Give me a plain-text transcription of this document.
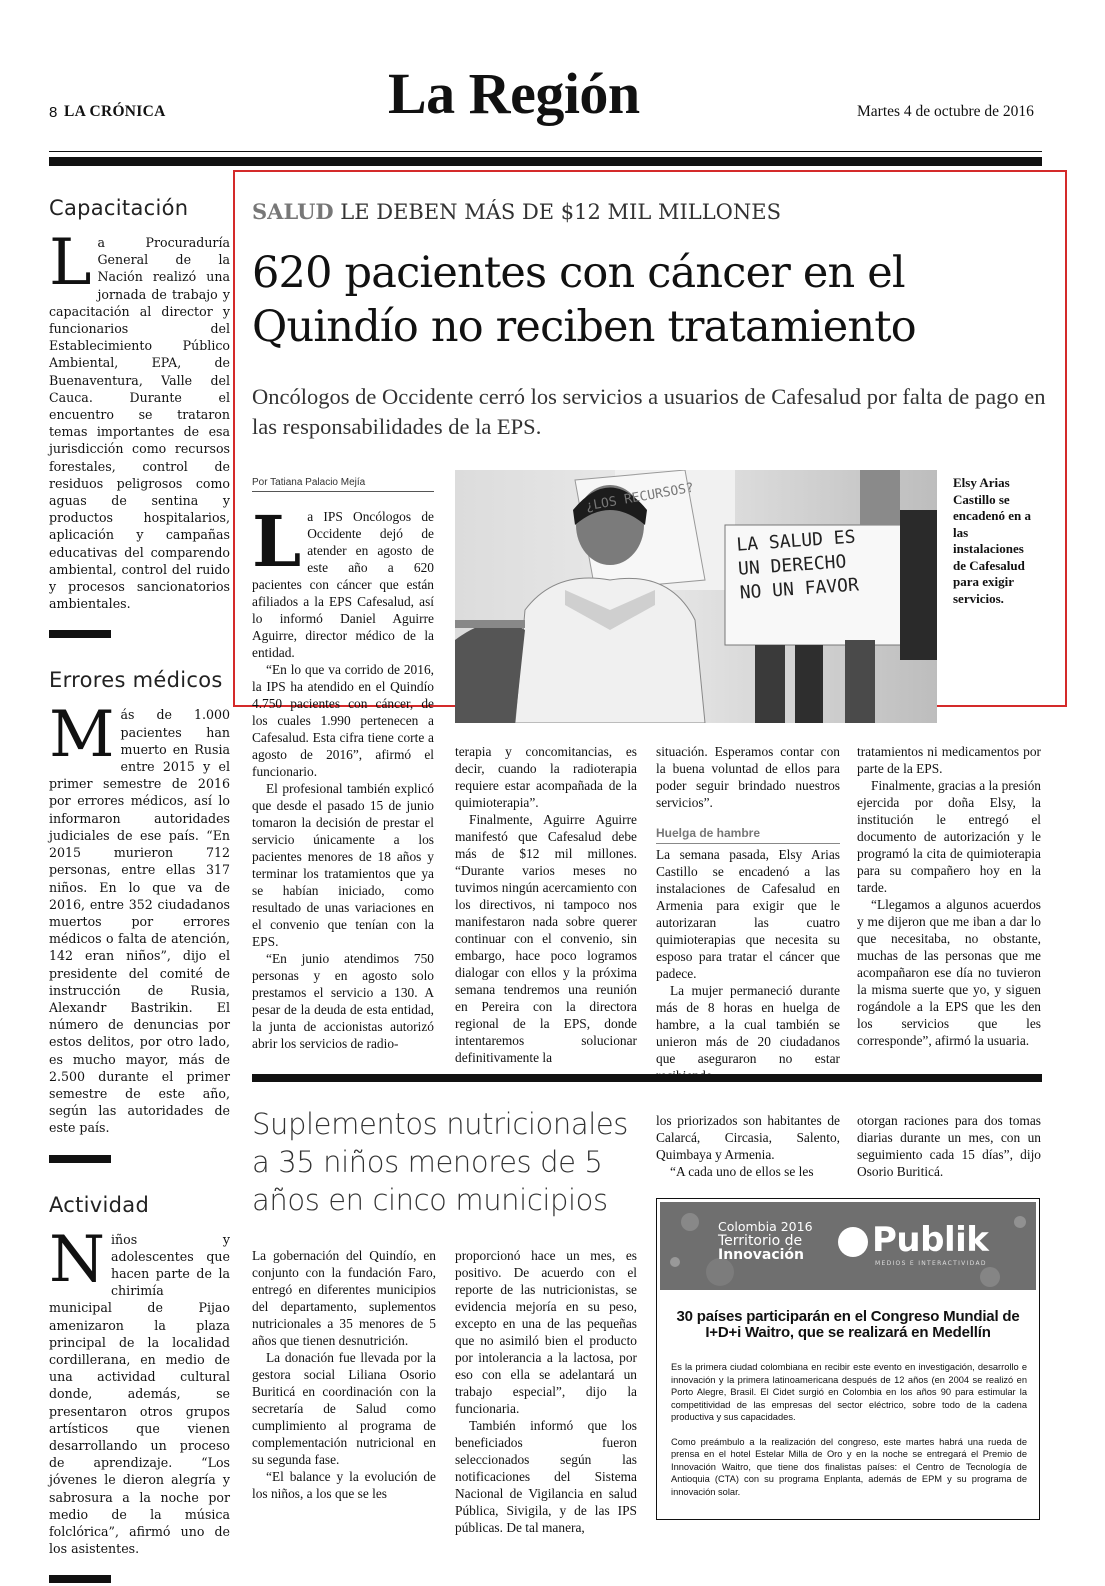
8 LA CRÓNICA	La Región	Martes 4 de octubre de 2016
Capacitación
L a Procuraduría General de la Nación realizó una jornada de trabajo y capacitación al director y funcionarios del Establecimiento Público Ambiental, EPA, de Buenaventura, Valle del Cauca. Durante el encuentro se trataron temas importantes de esa jurisdicción como recursos forestales, control de residuos peligrosos como aguas de sentina y productos hospitalarios, aplicación y campañas educativas del comparendo ambiental, control del ruido y procesos sancionatorios ambientales.
Errores médicos
M ás de 1.000 pacientes han muerto en Rusia entre 2015 y el primer semestre de 2016 por errores médicos, así lo informaron autoridades judiciales de ese país. “En 2015 murieron 712 personas, entre ellas 317 niños. En lo que va de 2016, entre 352 ciudadanos muertos por errores médicos o falta de atención, 142 eran niños”, dijo el presidente del comité de instrucción de Rusia, Alexandr Bastrikin. El número de denuncias por estos delitos, por otro lado, es mucho mayor, más de 2.500 durante el primer semestre de este año, según las autoridades de este país.
Actividad
N iños y adolescentes que hacen parte de la chirimía municipal de Pijao amenizaron la plaza principal de la localidad cordillerana, en medio de una actividad cultural donde, además, se presentaron otros grupos artísticos que vienen desarrollando un proceso de aprendizaje. “Los jóvenes le dieron alegría y sabrosura a la noche por medio de la música folclórica”, afirmó uno de los asistentes.
SALUD LE DEBEN MÁS DE $12 MIL MILLONES
620 pacientes con cáncer en el
Quindío no reciben tratamiento
Oncólogos de Occidente cerró los servicios a usuarios de Cafesalud por falta de pago en las responsabilidades de la EPS.
Por Tatiana Palacio Mejía
LA SALUD ES
UN DERECHO
NO UN FAVOR
¿LOS RECURSOS?	Elsy Arias Castillo se encadenó en a las instalaciones de Cafesalud para exigir servicios.

La IPS Oncólogos de Occidente dejó de atender en agosto de este año a 620 pacientes con cáncer que están afiliados a la EPS Cafesalud, así lo informó Daniel Aguirre Aguirre, director médico de la entidad.

“En lo que va corrido de 2016, la IPS ha atendido en el Quindío 4.750 pacientes con cáncer, de los cuales 1.990 pertenecen a Cafesalud. Esta cifra tiene corte a agosto de 2016”, afirmó el funcionario.

El profesional también explicó que desde el pasado 15 de junio tomaron la decisión de prestar el servicio únicamente a los pacientes menores de 18 años y terminar los tratamientos que ya se habían iniciado, como resultado de unas variaciones en el convenio que tenían con la EPS.

“En junio atendimos 750 personas y en agosto solo prestamos el servicio a 130. A pesar de la deuda de esta entidad, la junta de accionistas autorizó abrir los servicios de radio-

terapia y concomitancias, es decir, cuando la radioterapia requiere estar acompañada de la quimioterapia”.

Finalmente, Aguirre Aguirre manifestó que Cafesalud debe más de $12 mil millones. “Durante varios meses no tuvimos ningún acercamiento con los directivos, ni tampoco nos manifestaron nada sobre querer continuar con el convenio, sin embargo, hace poco logramos dialogar con ellos y la próxima semana tendremos una reunión en Pereira con la directora regional de la EPS, donde intentaremos solucionar definitivamente la

situación. Esperamos contar con la buena voluntad de ellos para poder seguir brindado nuestros servicios”.

Huelga de hambre

La semana pasada, Elsy Arias Castillo se encadenó a las instalaciones de Cafesalud en Armenia para exigir que le autorizaran las cuatro quimioterapias que necesita su esposo para tratar el cáncer que padece.

La mujer permaneció durante más de 8 horas en huelga de hambre, a la cual también se unieron más de 20 ciudadanos que aseguraron no estar

tratamientos ni medicamentos por parte de la EPS.

Finalmente, gracias a la presión ejercida por doña Elsy, la institución le entregó el documento de autorización y le programó la cita de quimioterapia para su compañero hoy en la tarde.

“Llegamos a algunos acuerdos y me dijeron que me iban a dar lo que necesitaba, no obstante, muchas de las personas que me acompañaron ese día no tuvieron la misma suerte que yo, y siguen rogándole a la EPS que les den los servicios que les corresponde”, afirmó la usuaria.

Suplementos nutricionales a 35 niños menores de 5 años en cinco municipios

La gobernación del Quindío, en conjunto con la fundación Faro, entregó en diferentes municipios del departamento, suplementos nutricionales a 35 menores de 5 años que tienen desnutrición.

La donación fue llevada por la gestora social Liliana Osorio Buriticá en coordinación con la secretaría de Salud como cumplimiento al programa de complementación nutricional en su segunda fase.

“El balance y la evolución de los niños, a los que se les

proporcionó hace un mes, es positivo. De acuerdo con el reporte de las nutricionistas, se evidencia mejoría en su peso, excepto en una de las pequeñas que no asimiló bien el producto por intolerancia a la lactosa, por eso con ella se adelantará un trabajo especial”, dijo la funcionaria.

También informó que los beneficiados fueron seleccionados según las notificaciones del Sistema Nacional de Vigilancia en salud Pública, Sivigila, y de las IPS públicas. De tal manera,

los priorizados son habitantes de Calarcá, Circasia, Salento, Quimbaya y Armenia.

“A cada uno de ellos se les

otorgan raciones para dos tomas diarias durante un mes, con un seguimiento cada 15 días”, dijo Osorio Buriticá.

Colombia 2016
Territorio de
Innovación Publik
MEDIOS E INTERACTIVIDAD
30 países participarán en el Congreso Mundial de I+D+i Waitro, que se realizará en Medellín

Es la primera ciudad colombiana en recibir este evento en investigación, desarrollo e innovación y la primera latinoamericana después de 12 años (en 2004 se realizó en Porto Alegre, Brasil. El Cidet surgió en Colombia en los años 90 para estimular la competitividad de las empresas del sector eléctrico, sobre todo de la cadena productiva y sus capacidades.

Como preámbulo a la realización del congreso, este martes habrá una rueda de prensa en el hotel Estelar Milla de Oro y en la noche se entregará el Premio de Innovación Waitro, que tiene dos finalistas países: el Centro de Tecnología de Antioquia (CTA) con su programa Enplanta, además de EPM y su programa de innovación solar.
